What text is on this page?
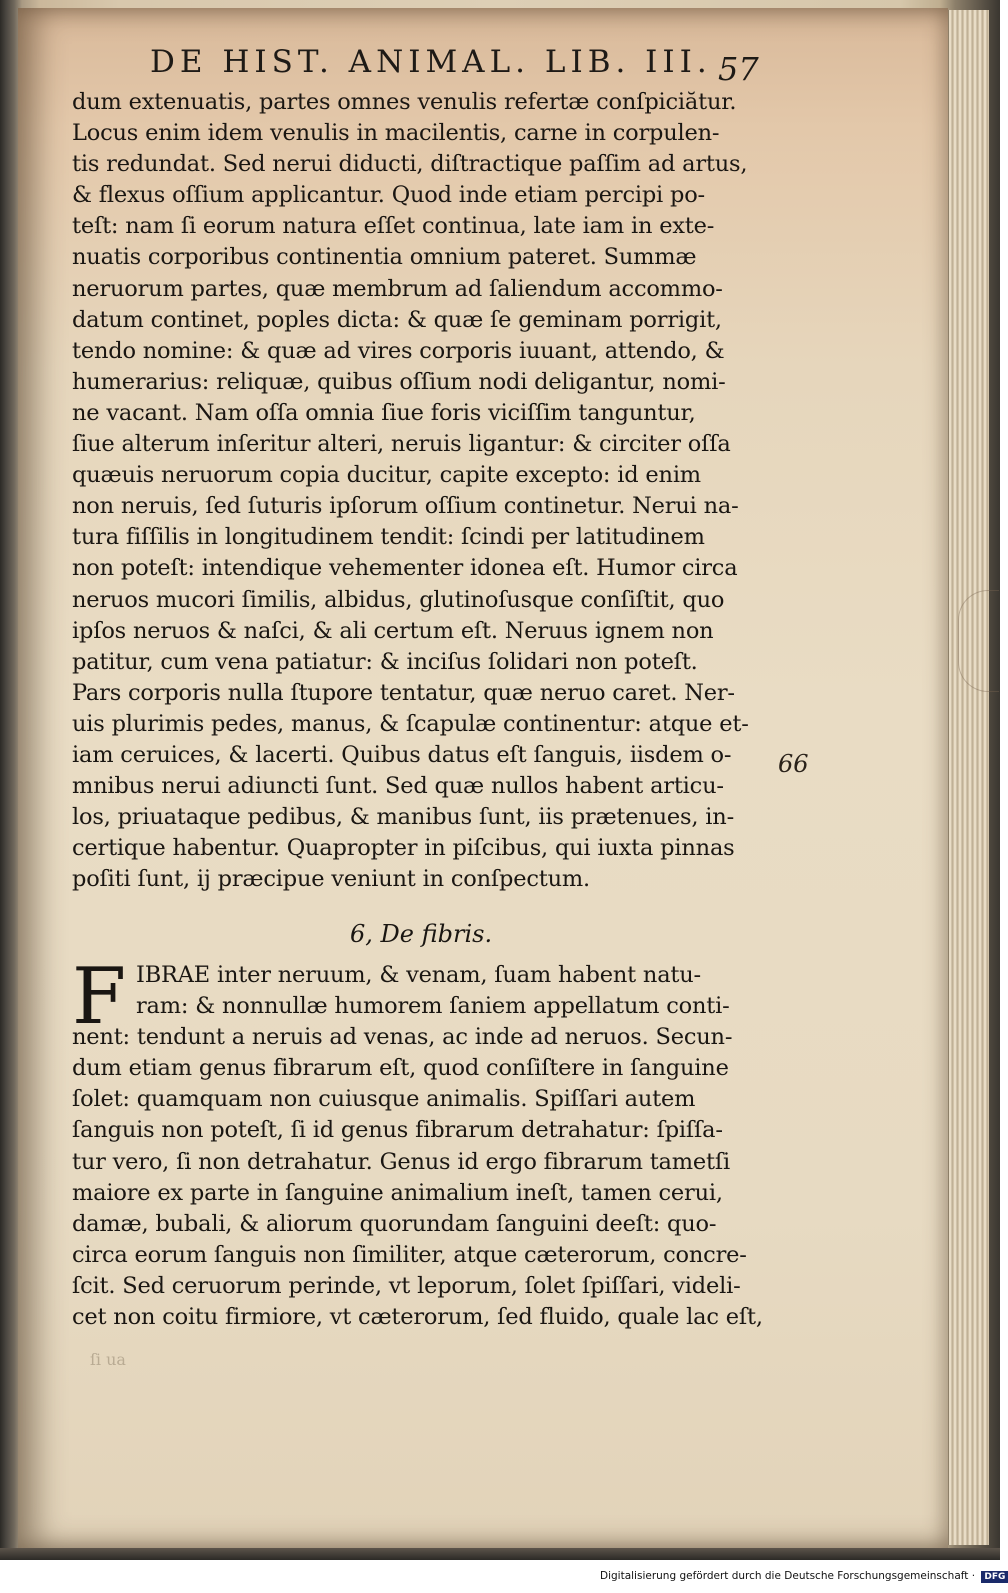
DE HIST. ANIMAL. LIB. III. 57
dum extenuatis, partes omnes venulis refertæ conſpiciătur.
Locus enim idem venulis in macilentis, carne in corpulen-
tis redundat. Sed nerui diducti, diſtractique paſſim ad artus,
& flexus oſſium applicantur. Quod inde etiam percipi po-
teſt: nam ſi eorum natura eſſet continua, late iam in exte-
nuatis corporibus continentia omnium pateret. Summæ
neruorum partes, quæ membrum ad ſaliendum accommo-
datum continet, poples dicta: & quæ ſe geminam porrigit,
tendo nomine: & quæ ad vires corporis iuuant, attendo, &
humerarius: reliquæ, quibus oſſium nodi deligantur, nomi-
ne vacant. Nam oſſa omnia ſiue foris viciſſim tanguntur,
ſiue alterum inſeritur alteri, neruis ligantur: & circiter oſſa
quæuis neruorum copia ducitur, capite excepto: id enim
non neruis, ſed ſuturis ipſorum oſſium continetur. Nerui na-
tura fiſſilis in longitudinem tendit: ſcindi per latitudinem
non poteſt: intendique vehementer idonea eſt. Humor circa
neruos mucori ſimilis, albidus, glutinoſusque conſiſtit, quo
ipſos neruos & naſci, & ali certum eſt. Neruus ignem non
patitur, cum vena patiatur: & inciſus ſolidari non poteſt.
Pars corporis nulla ſtupore tentatur, quæ neruo caret. Ner-
uis plurimis pedes, manus, & ſcapulæ continentur: atque et-
iam ceruices, & lacerti. Quibus datus eſt ſanguis, iisdem o-
mnibus nerui adiuncti ſunt. Sed quæ nullos habent articu-
los, priuataque pedibus, & manibus ſunt, iis prætenues, in-
certique habentur. Quapropter in piſcibus, qui iuxta pinnas
poſiti ſunt, ij præcipue veniunt in conſpectum.
66
6, De fibris.
F IBRAE inter neruum, & venam, ſuam habent natu-
ram: & nonnullæ humorem ſaniem appellatum conti-
nent: tendunt a neruis ad venas, ac inde ad neruos. Secun-
dum etiam genus fibrarum eſt, quod conſiſtere in ſanguine
ſolet: quamquam non cuiusque animalis. Spiſſari autem
ſanguis non poteſt, ſi id genus fibrarum detrahatur: ſpiſſa-
tur vero, ſi non detrahatur. Genus id ergo fibrarum tametſi
maiore ex parte in ſanguine animalium ineſt, tamen cerui,
damæ, bubali, & aliorum quorundam ſanguini deeſt: quo-
circa eorum ſanguis non ſimiliter, atque cæterorum, concre-
ſcit. Sed ceruorum perinde, vt leporum, ſolet ſpiſſari, videli-
cet non coitu firmiore, vt cæterorum, ſed fluido, quale lac eſt,
ſi ua
Digitalisierung gefördert durch die Deutsche Forschungsgemeinschaft · DFG
